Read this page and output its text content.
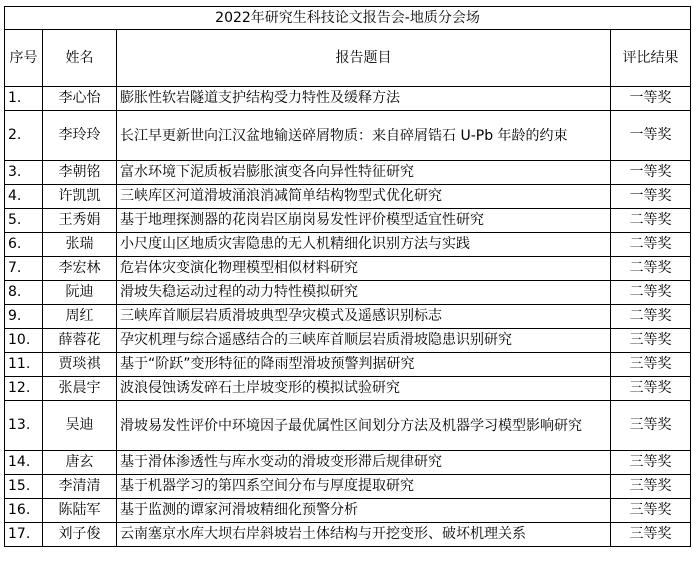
2022年研究生科技论文报告会-地质分会场			
序号	姓名	报告题目	评比结果
1.	李心怡	膨胀性软岩隧道支护结构受力特性及缓释方法	一等奖
2.	李玲玲	长江早更新世向江汉盆地输送碎屑物质：来自碎屑锆石 U-Pb 年龄的约束	一等奖
3.	李朝铭	富水环境下泥质板岩膨胀演变各向异性特征研究	一等奖
4.	许凯凯	三峡库区河道滑坡涌浪消减简单结构物型式优化研究	一等奖
5.	王秀娟	基于地理探测器的花岗岩区崩岗易发性评价模型适宜性研究	二等奖
6.	张瑞	小尺度山区地质灾害隐患的无人机精细化识别方法与实践	二等奖
7.	李宏林	危岩体灾变演化物理模型相似材料研究	二等奖
8.	阮迪	滑坡失稳运动过程的动力特性模拟研究	二等奖
9.	周红	三峡库首顺层岩质滑坡典型孕灾模式及遥感识别标志	二等奖
10.	薛蓉花	孕灾机理与综合遥感结合的三峡库首顺层岩质滑坡隐患识别研究	三等奖
11.	贾琰祺	基于“阶跃”变形特征的降雨型滑坡预警判据研究	三等奖
12.	张晨宇	波浪侵蚀诱发碎石土岸坡变形的模拟试验研究	三等奖
13.	吴迪	滑坡易发性评价中环境因子最优属性区间划分方法及机器学习模型影响研究	三等奖
14.	唐玄	基于滑体渗透性与库水变动的滑坡变形滞后规律研究	三等奖
15.	李清清	基于机器学习的第四系空间分布与厚度提取研究	三等奖
16.	陈陆军	基于监测的谭家河滑坡精细化预警分析	三等奖
17.	刘子俊	云南塞京水库大坝右岸斜坡岩土体结构与开挖变形、破坏机理关系	三等奖
